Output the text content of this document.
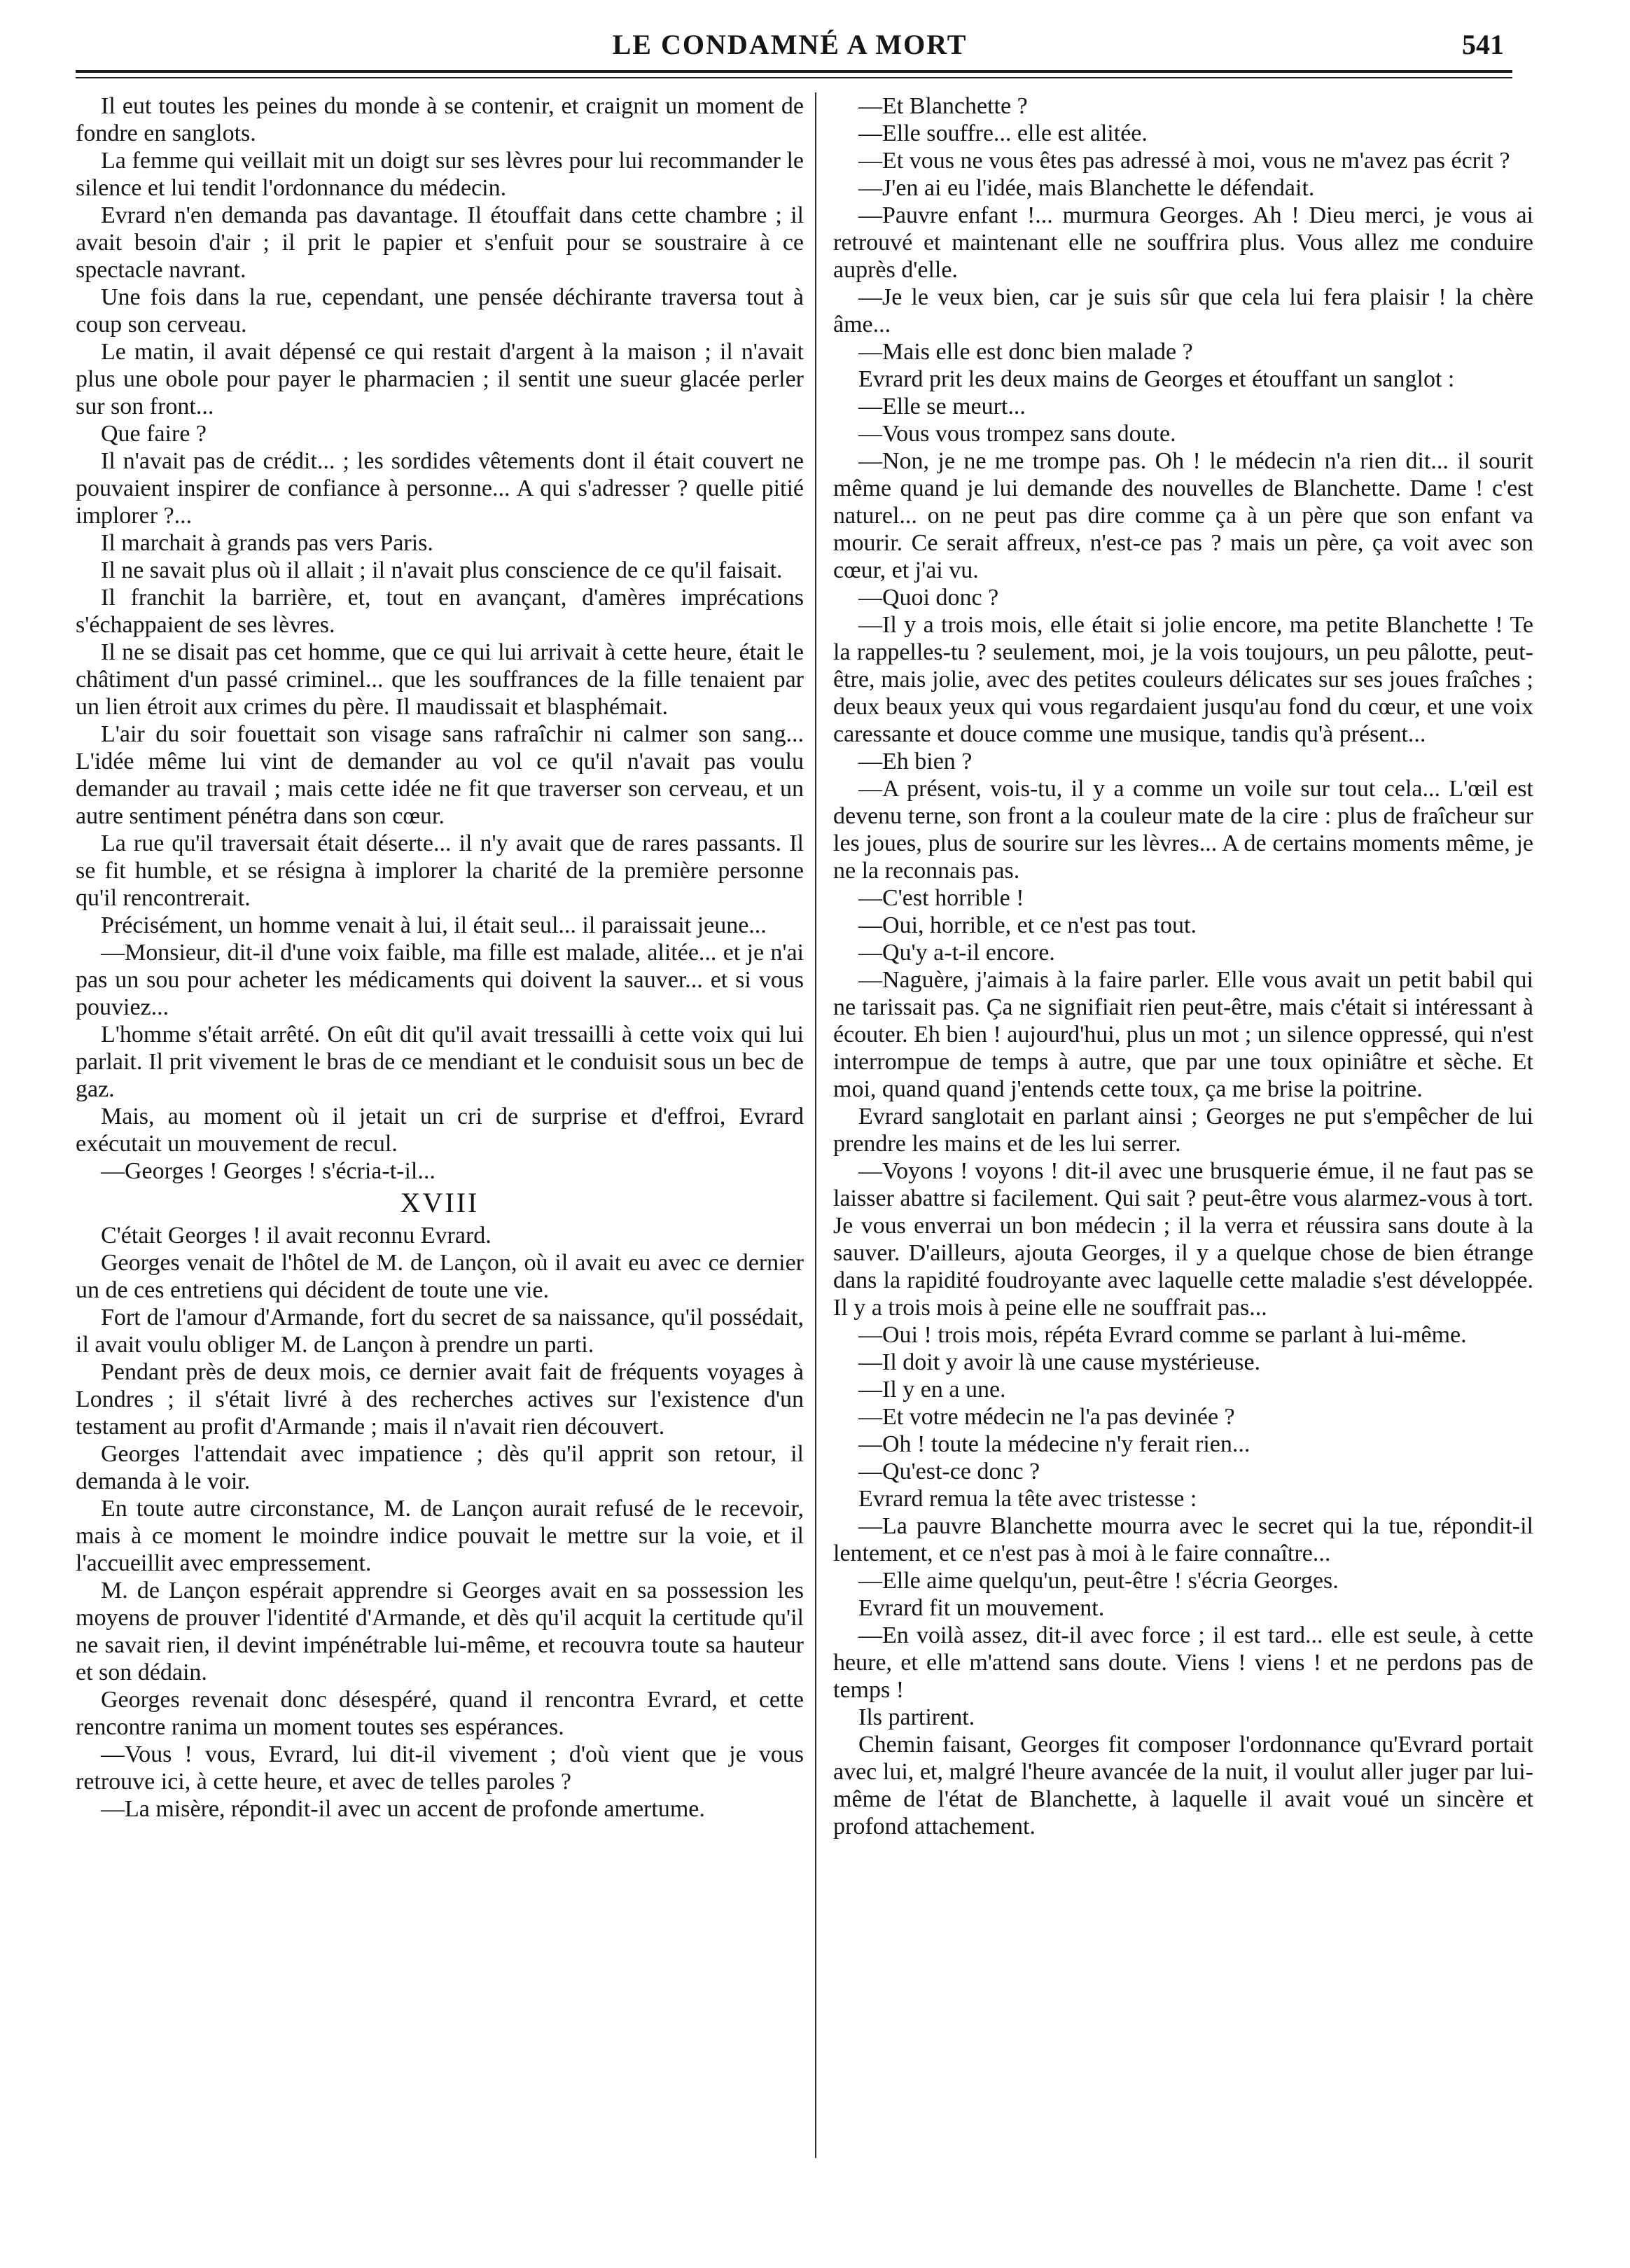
LE CONDAMNÉ A MORT	541

Il eut toutes les peines du monde à se contenir, et craignit un moment de fondre en sanglots.

La femme qui veillait mit un doigt sur ses lèvres pour lui recommander le silence et lui tendit l'ordonnance du médecin.

Evrard n'en demanda pas davantage. Il étouffait dans cette chambre ; il avait besoin d'air ; il prit le papier et s'enfuit pour se soustraire à ce spectacle navrant.

Une fois dans la rue, cependant, une pensée déchirante traversa tout à coup son cerveau.

Le matin, il avait dépensé ce qui restait d'argent à la maison ; il n'avait plus une obole pour payer le pharmacien ; il sentit une sueur glacée perler sur son front...

Que faire ?

Il n'avait pas de crédit... ; les sordides vêtements dont il était couvert ne pouvaient inspirer de confiance à personne... A qui s'adresser ? quelle pitié implorer ?...

Il marchait à grands pas vers Paris.

Il ne savait plus où il allait ; il n'avait plus conscience de ce qu'il faisait.

Il franchit la barrière, et, tout en avançant, d'amères imprécations s'échappaient de ses lèvres.

Il ne se disait pas cet homme, que ce qui lui arrivait à cette heure, était le châtiment d'un passé criminel... que les souffrances de la fille tenaient par un lien étroit aux crimes du père. Il maudissait et blasphémait.

L'air du soir fouettait son visage sans rafraîchir ni calmer son sang... L'idée même lui vint de demander au vol ce qu'il n'avait pas voulu demander au travail ; mais cette idée ne fit que traverser son cerveau, et un autre sentiment pénétra dans son cœur.

La rue qu'il traversait était déserte... il n'y avait que de rares passants. Il se fit humble, et se résigna à implorer la charité de la première personne qu'il rencontrerait.

Précisément, un homme venait à lui, il était seul... il paraissait jeune...

—Monsieur, dit-il d'une voix faible, ma fille est malade, alitée... et je n'ai pas un sou pour acheter les médicaments qui doivent la sauver... et si vous pouviez...

L'homme s'était arrêté. On eût dit qu'il avait tressailli à cette voix qui lui parlait. Il prit vivement le bras de ce mendiant et le conduisit sous un bec de gaz.

Mais, au moment où il jetait un cri de surprise et d'effroi, Evrard exécutait un mouvement de recul.

—Georges ! Georges ! s'écria-t-il...

XVIII

C'était Georges ! il avait reconnu Evrard.

Georges venait de l'hôtel de M. de Lançon, où il avait eu avec ce dernier un de ces entretiens qui décident de toute une vie.

Fort de l'amour d'Armande, fort du secret de sa naissance, qu'il possédait, il avait voulu obliger M. de Lançon à prendre un parti.

Pendant près de deux mois, ce dernier avait fait de fréquents voyages à Londres ; il s'était livré à des recherches actives sur l'existence d'un testament au profit d'Armande ; mais il n'avait rien découvert.

Georges l'attendait avec impatience ; dès qu'il apprit son retour, il demanda à le voir.

En toute autre circonstance, M. de Lançon aurait refusé de le recevoir, mais à ce moment le moindre indice pouvait le mettre sur la voie, et il l'accueillit avec empressement.

M. de Lançon espérait apprendre si Georges avait en sa possession les moyens de prouver l'identité d'Armande, et dès qu'il acquit la certitude qu'il ne savait rien, il devint impénétrable lui-même, et recouvra toute sa hauteur et son dédain.

Georges revenait donc désespéré, quand il rencontra Evrard, et cette rencontre ranima un moment toutes ses espérances.

—Vous ! vous, Evrard, lui dit-il vivement ; d'où vient que je vous retrouve ici, à cette heure, et avec de telles paroles ?

—La misère, répondit-il avec un accent de profonde amertume.

—Et Blanchette ?

—Elle souffre... elle est alitée.

—Et vous ne vous êtes pas adressé à moi, vous ne m'avez pas écrit ?

—J'en ai eu l'idée, mais Blanchette le défendait.

—Pauvre enfant !... murmura Georges. Ah ! Dieu merci, je vous ai retrouvé et maintenant elle ne souffrira plus. Vous allez me conduire auprès d'elle.

—Je le veux bien, car je suis sûr que cela lui fera plaisir ! la chère âme...

—Mais elle est donc bien malade ?

Evrard prit les deux mains de Georges et étouffant un sanglot :

—Elle se meurt...

—Vous vous trompez sans doute.

—Non, je ne me trompe pas. Oh ! le médecin n'a rien dit... il sourit même quand je lui demande des nouvelles de Blanchette. Dame ! c'est naturel... on ne peut pas dire comme ça à un père que son enfant va mourir. Ce serait affreux, n'est-ce pas ? mais un père, ça voit avec son cœur, et j'ai vu.

—Quoi donc ?

—Il y a trois mois, elle était si jolie encore, ma petite Blanchette ! Te la rappelles-tu ? seulement, moi, je la vois toujours, un peu pâlotte, peut-être, mais jolie, avec des petites couleurs délicates sur ses joues fraîches ; deux beaux yeux qui vous regardaient jusqu'au fond du cœur, et une voix caressante et douce comme une musique, tandis qu'à présent...

—Eh bien ?

—A présent, vois-tu, il y a comme un voile sur tout cela... L'œil est devenu terne, son front a la couleur mate de la cire : plus de fraîcheur sur les joues, plus de sourire sur les lèvres... A de certains moments même, je ne la reconnais pas.

—C'est horrible !

—Oui, horrible, et ce n'est pas tout.

—Qu'y a-t-il encore.

—Naguère, j'aimais à la faire parler. Elle vous avait un petit babil qui ne tarissait pas. Ça ne signifiait rien peut-être, mais c'était si intéressant à écouter. Eh bien ! aujourd'hui, plus un mot ; un silence oppressé, qui n'est interrompue de temps à autre, que par une toux opiniâtre et sèche. Et moi, quand quand j'entends cette toux, ça me brise la poitrine.

Evrard sanglotait en parlant ainsi ; Georges ne put s'empêcher de lui prendre les mains et de les lui serrer.

—Voyons ! voyons ! dit-il avec une brusquerie émue, il ne faut pas se laisser abattre si facilement. Qui sait ? peut-être vous alarmez-vous à tort. Je vous enverrai un bon médecin ; il la verra et réussira sans doute à la sauver. D'ailleurs, ajouta Georges, il y a quelque chose de bien étrange dans la rapidité foudroyante avec laquelle cette maladie s'est développée. Il y a trois mois à peine elle ne souffrait pas...

—Oui ! trois mois, répéta Evrard comme se parlant à lui-même.

—Il doit y avoir là une cause mystérieuse.

—Il y en a une.

—Et votre médecin ne l'a pas devinée ?

—Oh ! toute la médecine n'y ferait rien...

—Qu'est-ce donc ?

Evrard remua la tête avec tristesse :

—La pauvre Blanchette mourra avec le secret qui la tue, répondit-il lentement, et ce n'est pas à moi à le faire connaître...

—Elle aime quelqu'un, peut-être ! s'écria Georges.

Evrard fit un mouvement.

—En voilà assez, dit-il avec force ; il est tard... elle est seule, à cette heure, et elle m'attend sans doute. Viens ! viens ! et ne perdons pas de temps !

Ils partirent.

Chemin faisant, Georges fit composer l'ordonnance qu'Evrard portait avec lui, et, malgré l'heure avancée de la nuit, il voulut aller juger par lui-même de l'état de Blanchette, à laquelle il avait voué un sincère et profond attachement.
